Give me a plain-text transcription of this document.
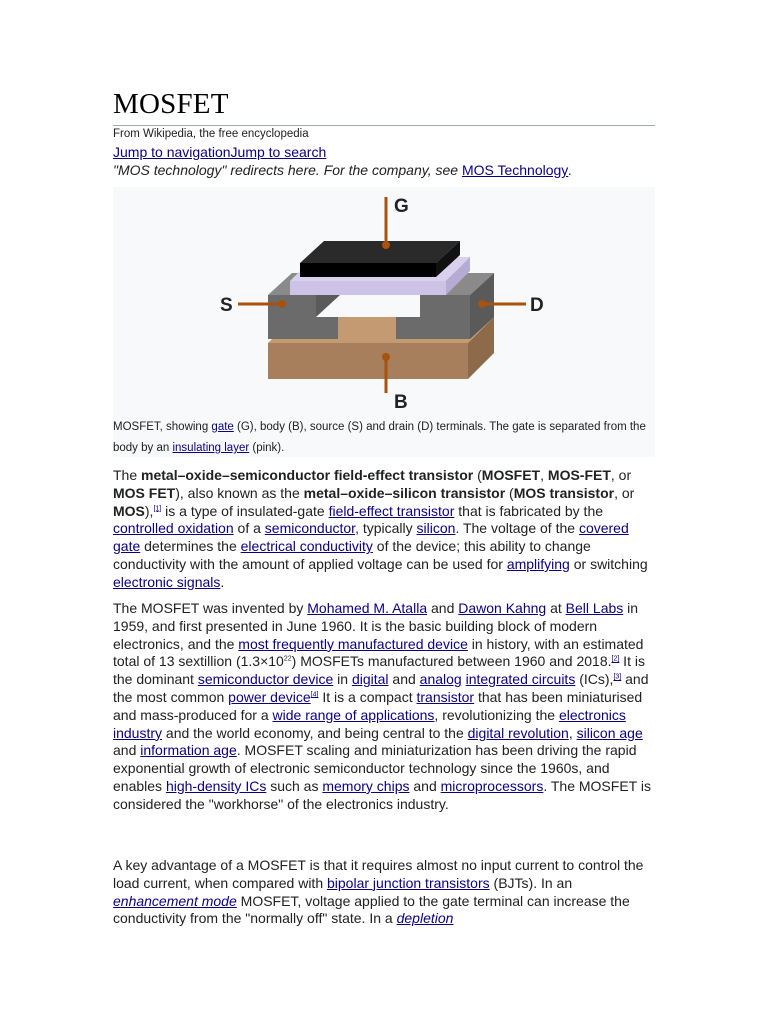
MOSFET
From Wikipedia, the free encyclopedia
Jump to navigationJump to search
"MOS technology" redirects here. For the company, see MOS Technology.
G
S	D
B
MOSFET, showing gate (G), body (B), source (S) and drain (D) terminals. The gate is separated from the body by an insulating layer (pink).

The metal–oxide–semiconductor field-effect transistor (MOSFET, MOS-FET, or MOS FET), also known as the metal–oxide–silicon transistor (MOS transistor, or MOS),[1] is a type of insulated-gate field-effect transistor that is fabricated by the controlled oxidation of a semiconductor, typically silicon. The voltage of the covered gate determines the electrical conductivity of the device; this ability to change conductivity with the amount of applied voltage can be used for amplifying or switching electronic signals.

The MOSFET was invented by Mohamed M. Atalla and Dawon Kahng at Bell Labs in 1959, and first presented in June 1960. It is the basic building block of modern electronics, and the most frequently manufactured device in history, with an estimated total of 13 sextillion $(1.3\times 10^{22})$ MOSFETs manufactured between 1960 and 2018.[2] It is the dominant semiconductor device in digital and analog integrated circuits (ICs),[3] and the most common power device[4] It is a compact transistor that has been miniaturised and mass-produced for a wide range of applications, revolutionizing the electronics industry and the world economy, and being central to the digital revolution, silicon age and information age. MOSFET scaling and miniaturization has been driving the rapid exponential growth of electronic semiconductor technology since the 1960s, and enables high-density ICs such as memory chips and microprocessors. The MOSFET is considered the "workhorse" of the electronics industry.

A key advantage of a MOSFET is that it requires almost no input current to control the load current, when compared with bipolar junction transistors (BJTs). In an enhancement mode MOSFET, voltage applied to the gate terminal can increase the conductivity from the "normally off" state. In a depletion
